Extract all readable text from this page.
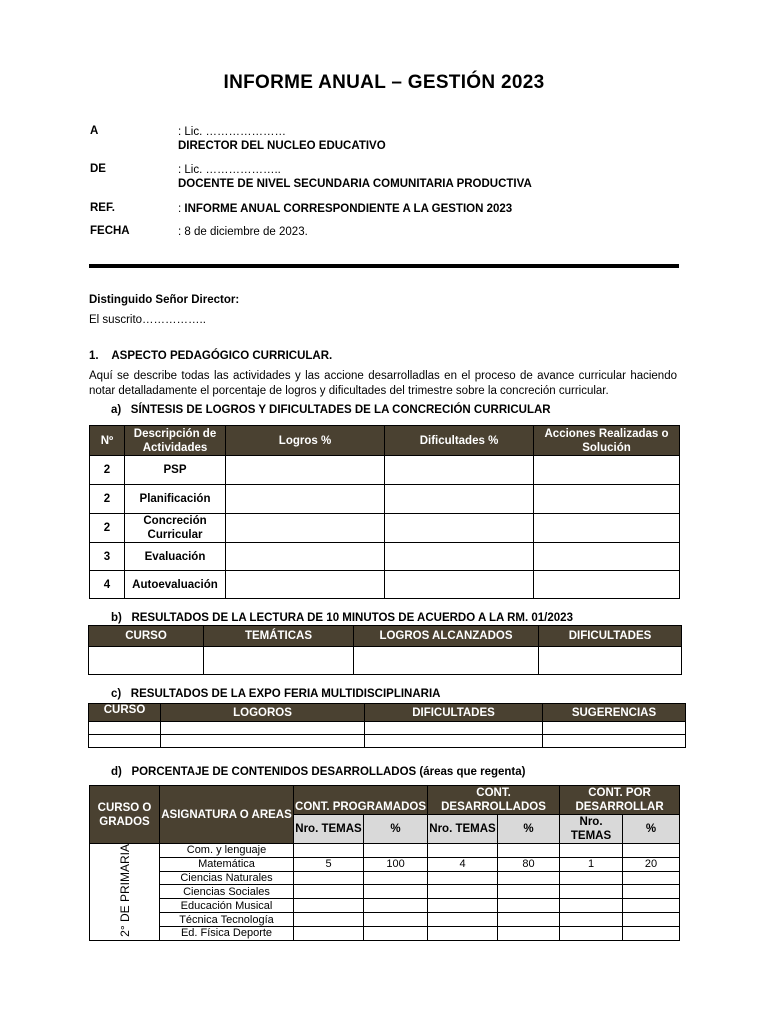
INFORME ANUAL – GESTIÓN 2023
A	: Lic. …………………
DIRECTOR DEL NUCLEO EDUCATIVO
DE	: Lic. ………………..
DOCENTE DE NIVEL SECUNDARIA COMUNITARIA PRODUCTIVA
REF.	: INFORME ANUAL CORRESPONDIENTE A LA GESTION 2023
FECHA	: 8 de diciembre de 2023.
Distinguido Señor Director:
El suscrito……………..
1.    ASPECTO PEDAGÓGICO CURRICULAR.
Aquí se describe todas las actividades y las accione desarrolladlas en el proceso de avance curricular haciendo notar detalladamente el porcentaje de logros y dificultades del trimestre sobre la concreción curricular.
a)   SÍNTESIS DE LOGROS Y DIFICULTADES DE LA CONCRECIÓN CURRICULAR
Nº	Descripción de Actividades	Logros %	Dificultades %	Acciones Realizadas o Solución
2	PSP			
2	Planificación			
2	Concreción Curricular			
3	Evaluación			
4	Autoevaluación			
b)   RESULTADOS DE LA LECTURA DE 10 MINUTOS DE ACUERDO A LA RM. 01/2023
CURSO	TEMÁTICAS	LOGROS ALCANZADOS	DIFICULTADES

c)   RESULTADOS DE LA EXPO FERIA MULTIDISCIPLINARIA
CURSO	LOGOROS	DIFICULTADES	SUGERENCIAS

d)   PORCENTAJE DE CONTENIDOS DESARROLLADOS (áreas que regenta)
CURSO O GRADOS	ASIGNATURA O AREAS	CONT. PROGRAMADOS		CONT. DESARROLLADOS		CONT. POR DESARROLLAR	
		Nro. TEMAS	%	Nro. TEMAS	%	Nro. TEMAS	%
2° DE PRIMARIA	Com. y lenguaje						
	Matemática	5	100	4	80	1	20
	Ciencias Naturales						
	Ciencias Sociales						
	Educación Musical						
	Técnica Tecnología						
	Ed. Física Deporte						
